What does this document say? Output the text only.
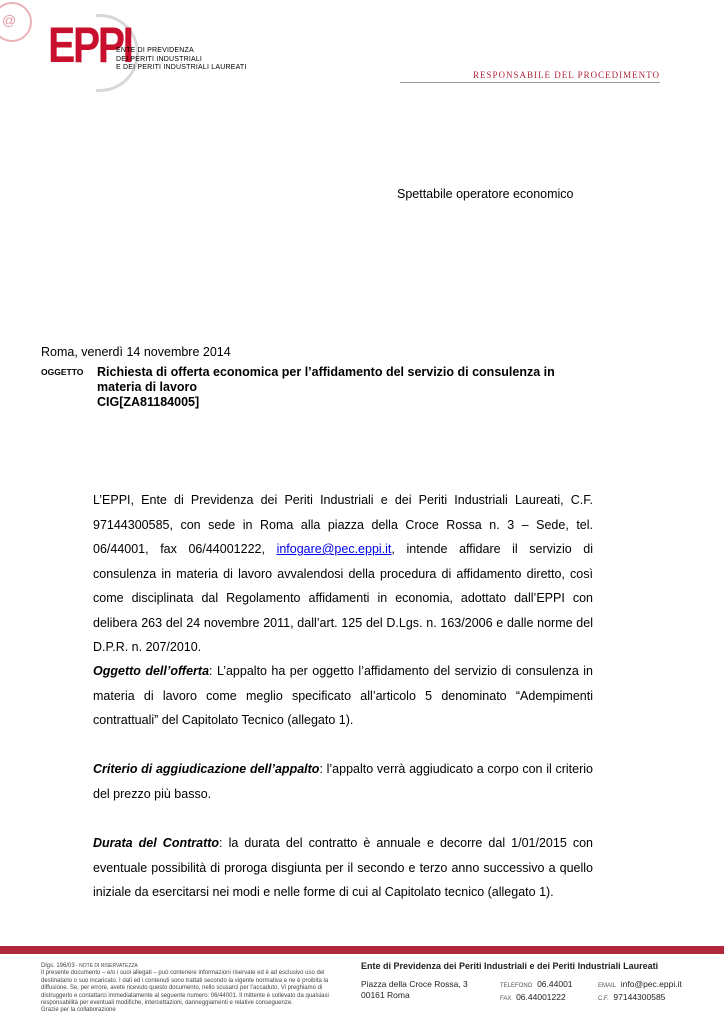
@ EPPI
ENTE DI PREVIDENZA
DEI PERITI INDUSTRIALI
E DEI PERITI INDUSTRIALI LAUREATI
RESPONSABILE DEL PROCEDIMENTO
Spettabile operatore economico
Roma, venerdì 14 novembre 2014
OGGETTO Richiesta di offerta economica per l’affidamento del servizio di consulenza in materia di lavoro
CIG[ZA81184005]
L’EPPI, Ente di Previdenza dei Periti Industriali e dei Periti Industriali Laureati, C.F. 97144300585, con sede in Roma alla piazza della Croce Rossa n. 3 – Sede, tel. 06/44001, fax 06/44001222, infogare@pec.eppi.it, intende affidare il servizio di consulenza in materia di lavoro avvalendosi della procedura di affidamento diretto, così come disciplinata dal Regolamento affidamenti in economia, adottato dall’EPPI con delibera 263 del 24 novembre 2011, dall’art. 125 del D.Lgs. n. 163/2006 e dalle norme del D.P.R. n. 207/2010.
Oggetto dell’offerta: L’appalto ha per oggetto l’affidamento del servizio di consulenza in materia di lavoro come meglio specificato all’articolo 5 denominato “Adempimenti contrattuali” del Capitolato Tecnico (allegato 1).
Criterio di aggiudicazione dell’appalto: l’appalto verrà aggiudicato a corpo con il criterio del prezzo più basso.
Durata del Contratto: la durata del contratto è annuale e decorre dal 1/01/2015 con eventuale possibilità di proroga disgiunta per il secondo e terzo anno successivo a quello iniziale da esercitarsi nei modi e nelle forme di cui al Capitolato tecnico (allegato 1).
Dlgs. 196/03 - NOTE DI RISERVATEZZA
Il presente documento – e/o i suoi allegati – può contenere informazioni riservate ed è ad esclusivo uso del destinatario o suo incaricato. I dati ed i contenuti sono trattati secondo la vigente normativa e ne è proibita la diffusione. Se, per errore, avete ricevuto questo documento, nello scusarci per l’accaduto, Vi preghiamo di distruggerlo e contattarci immediatamente al seguente numero: 06/44001. Il mittente è sollevato da qualsiasi responsabilità per eventuali modifiche, intercettazioni, danneggiamenti e relative conseguenze.
Grazie per la collaborazione
Ente di Previdenza dei Periti Industriali e dei Periti Industriali Laureati
Piazza della Croce Rossa, 3
00161 Roma
TELEFONO 06.44001
FAX 06.44001222
EMAIL info@pec.eppi.it
C.F. 97144300585
